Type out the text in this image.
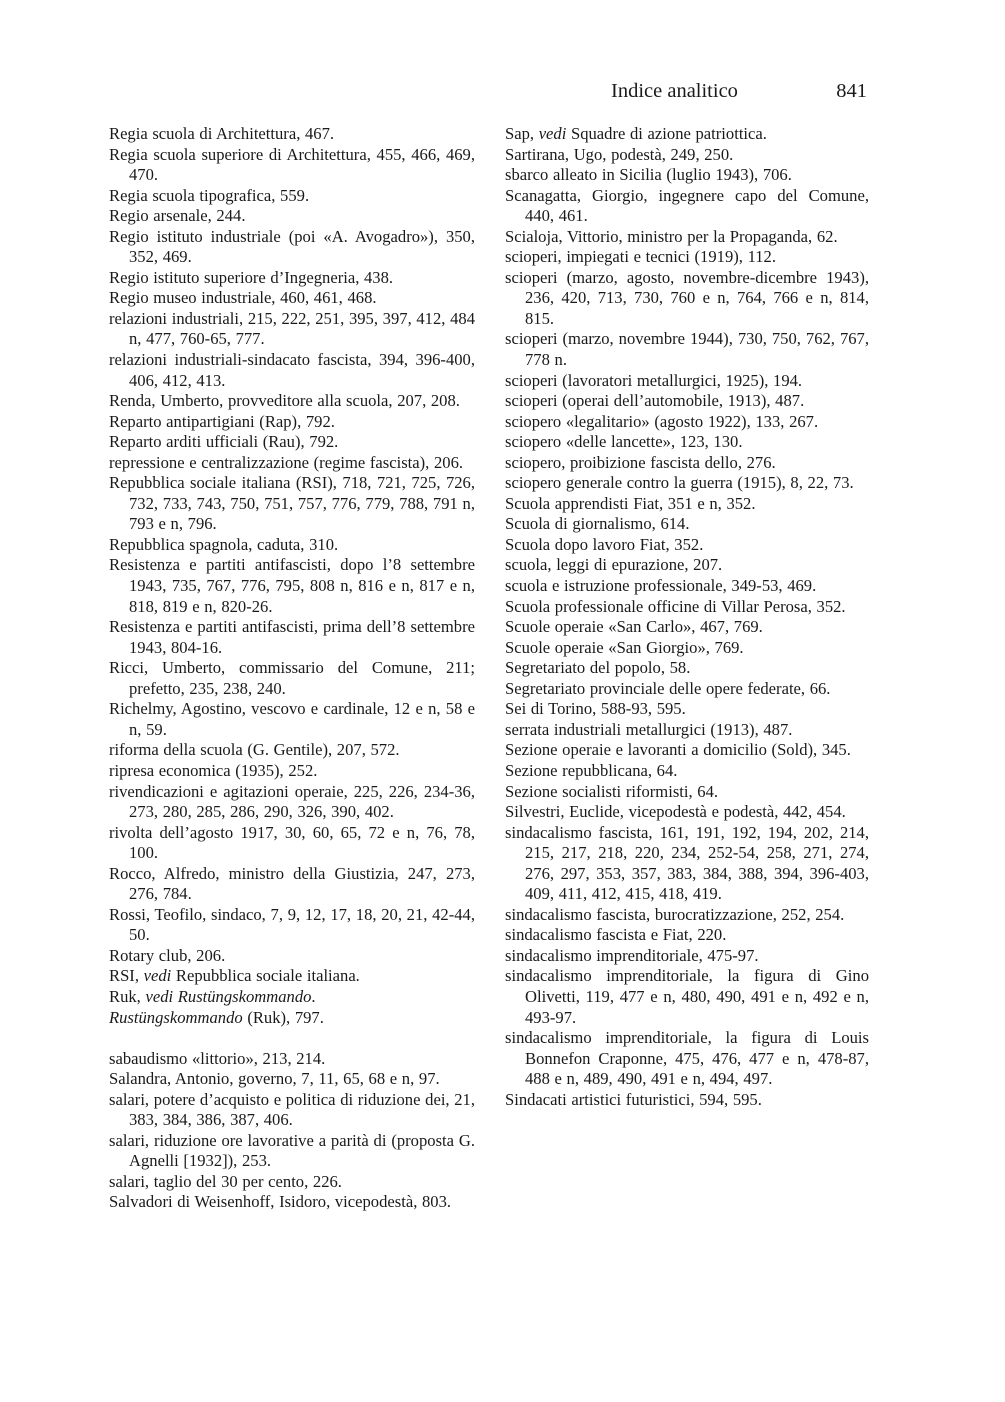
Indice analitico	841
Regia scuola di Architettura, 467.
Regia scuola superiore di Architettura, 455, 466, 469, 470.
Regia scuola tipografica, 559.
Regio arsenale, 244.
Regio istituto industriale (poi «A. Avogadro»), 350, 352, 469.
Regio istituto superiore d’Ingegneria, 438.
Regio museo industriale, 460, 461, 468.
relazioni industriali, 215, 222, 251, 395, 397, 412, 484 n, 477, 760-65, 777.
relazioni industriali-sindacato fascista, 394, 396-400, 406, 412, 413.
Renda, Umberto, provveditore alla scuola, 207, 208.
Reparto antipartigiani (Rap), 792.
Reparto arditi ufficiali (Rau), 792.
repressione e centralizzazione (regime fascista), 206.
Repubblica sociale italiana (RSI), 718, 721, 725, 726, 732, 733, 743, 750, 751, 757, 776, 779, 788, 791 n, 793 e n, 796.
Repubblica spagnola, caduta, 310.
Resistenza e partiti antifascisti, dopo l’8 settembre 1943, 735, 767, 776, 795, 808 n, 816 e n, 817 e n, 818, 819 e n, 820-26.
Resistenza e partiti antifascisti, prima dell’8 settembre 1943, 804-16.
Ricci, Umberto, commissario del Comune, 211; prefetto, 235, 238, 240.
Richelmy, Agostino, vescovo e cardinale, 12 e n, 58 e n, 59.
riforma della scuola (G. Gentile), 207, 572.
ripresa economica (1935), 252.
rivendicazioni e agitazioni operaie, 225, 226, 234-36, 273, 280, 285, 286, 290, 326, 390, 402.
rivolta dell’agosto 1917, 30, 60, 65, 72 e n, 76, 78, 100.
Rocco, Alfredo, ministro della Giustizia, 247, 273, 276, 784.
Rossi, Teofilo, sindaco, 7, 9, 12, 17, 18, 20, 21, 42-44, 50.
Rotary club, 206.
RSI, vedi Repubblica sociale italiana.
Ruk, vedi Rustüngskommando.
Rustüngskommando (Ruk), 797.
sabaudismo «littorio», 213, 214.
Salandra, Antonio, governo, 7, 11, 65, 68 e n, 97.
salari, potere d’acquisto e politica di riduzione dei, 21, 383, 384, 386, 387, 406.
salari, riduzione ore lavorative a parità di (proposta G. Agnelli [1932]), 253.
salari, taglio del 30 per cento, 226.
Salvadori di Weisenhoff, Isidoro, vicepodestà, 803.
Sap, vedi Squadre di azione patriottica.
Sartirana, Ugo, podestà, 249, 250.
sbarco alleato in Sicilia (luglio 1943), 706.
Scanagatta, Giorgio, ingegnere capo del Comune, 440, 461.
Scialoja, Vittorio, ministro per la Propaganda, 62.
scioperi, impiegati e tecnici (1919), 112.
scioperi (marzo, agosto, novembre-dicembre 1943), 236, 420, 713, 730, 760 e n, 764, 766 e n, 814, 815.
scioperi (marzo, novembre 1944), 730, 750, 762, 767, 778 n.
scioperi (lavoratori metallurgici, 1925), 194.
scioperi (operai dell’automobile, 1913), 487.
sciopero «legalitario» (agosto 1922), 133, 267.
sciopero «delle lancette», 123, 130.
sciopero, proibizione fascista dello, 276.
sciopero generale contro la guerra (1915), 8, 22, 73.
Scuola apprendisti Fiat, 351 e n, 352.
Scuola di giornalismo, 614.
Scuola dopo lavoro Fiat, 352.
scuola, leggi di epurazione, 207.
scuola e istruzione professionale, 349-53, 469.
Scuola professionale officine di Villar Perosa, 352.
Scuole operaie «San Carlo», 467, 769.
Scuole operaie «San Giorgio», 769.
Segretariato del popolo, 58.
Segretariato provinciale delle opere federate, 66.
Sei di Torino, 588-93, 595.
serrata industriali metallurgici (1913), 487.
Sezione operaie e lavoranti a domicilio (Sold), 345.
Sezione repubblicana, 64.
Sezione socialisti riformisti, 64.
Silvestri, Euclide, vicepodestà e podestà, 442, 454.
sindacalismo fascista, 161, 191, 192, 194, 202, 214, 215, 217, 218, 220, 234, 252-54, 258, 271, 274, 276, 297, 353, 357, 383, 384, 388, 394, 396-403, 409, 411, 412, 415, 418, 419.
sindacalismo fascista, burocratizzazione, 252, 254.
sindacalismo fascista e Fiat, 220.
sindacalismo imprenditoriale, 475-97.
sindacalismo imprenditoriale, la figura di Gino Olivetti, 119, 477 e n, 480, 490, 491 e n, 492 e n, 493-97.
sindacalismo imprenditoriale, la figura di Louis Bonnefon Craponne, 475, 476, 477 e n, 478-87, 488 e n, 489, 490, 491 e n, 494, 497.
Sindacati artistici futuristici, 594, 595.
